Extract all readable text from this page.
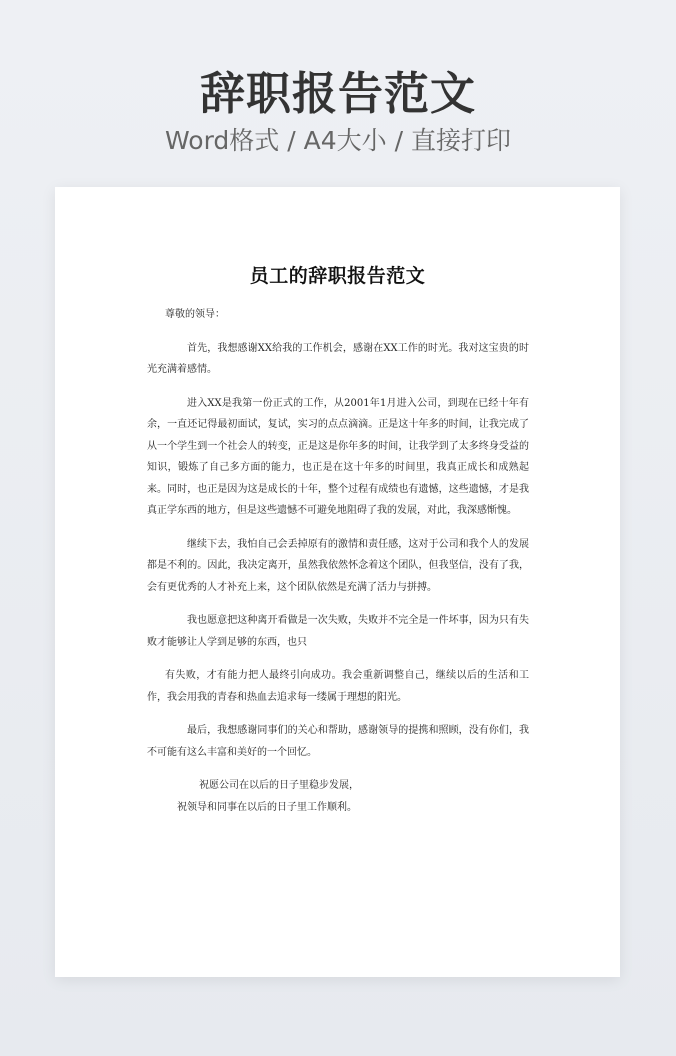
辞职报告范文
Word格式 / A4大小 / 直接打印
员工的辞职报告范文

尊敬的领导：

首先，我想感谢XX给我的工作机会，感谢在XX工作的时光。我对这宝贵的时光充满着感情。

进入XX是我第一份正式的工作，从2001年1月进入公司，到现在已经十年有余，一直还记得最初面试，复试，实习的点点滴滴。正是这十年多的时间，让我完成了从一个学生到一个社会人的转变，正是这是你年多的时间，让我学到了太多终身受益的知识，锻炼了自己多方面的能力，也正是在这十年多的时间里，我真正成长和成熟起来。同时，也正是因为这是成长的十年，整个过程有成绩也有遗憾，这些遗憾，才是我真正学东西的地方，但是这些遗憾不可避免地阻碍了我的发展，对此，我深感惭愧。

继续下去，我怕自己会丢掉原有的激情和责任感，这对于公司和我个人的发展都是不利的。因此，我决定离开，虽然我依然怀念着这个团队，但我坚信，没有了我，会有更优秀的人才补充上来，这个团队依然是充满了活力与拼搏。

我也愿意把这种离开看做是一次失败，失败并不完全是一件坏事，因为只有失败才能够让人学到足够的东西，也只

有失败，才有能力把人最终引向成功。我会重新调整自己，继续以后的生活和工作，我会用我的青春和热血去追求每一缕属于理想的阳光。

最后，我想感谢同事们的关心和帮助，感谢领导的提携和照顾，没有你们，我不可能有这么丰富和美好的一个回忆。

祝愿公司在以后的日子里稳步发展，

祝领导和同事在以后的日子里工作顺利。
